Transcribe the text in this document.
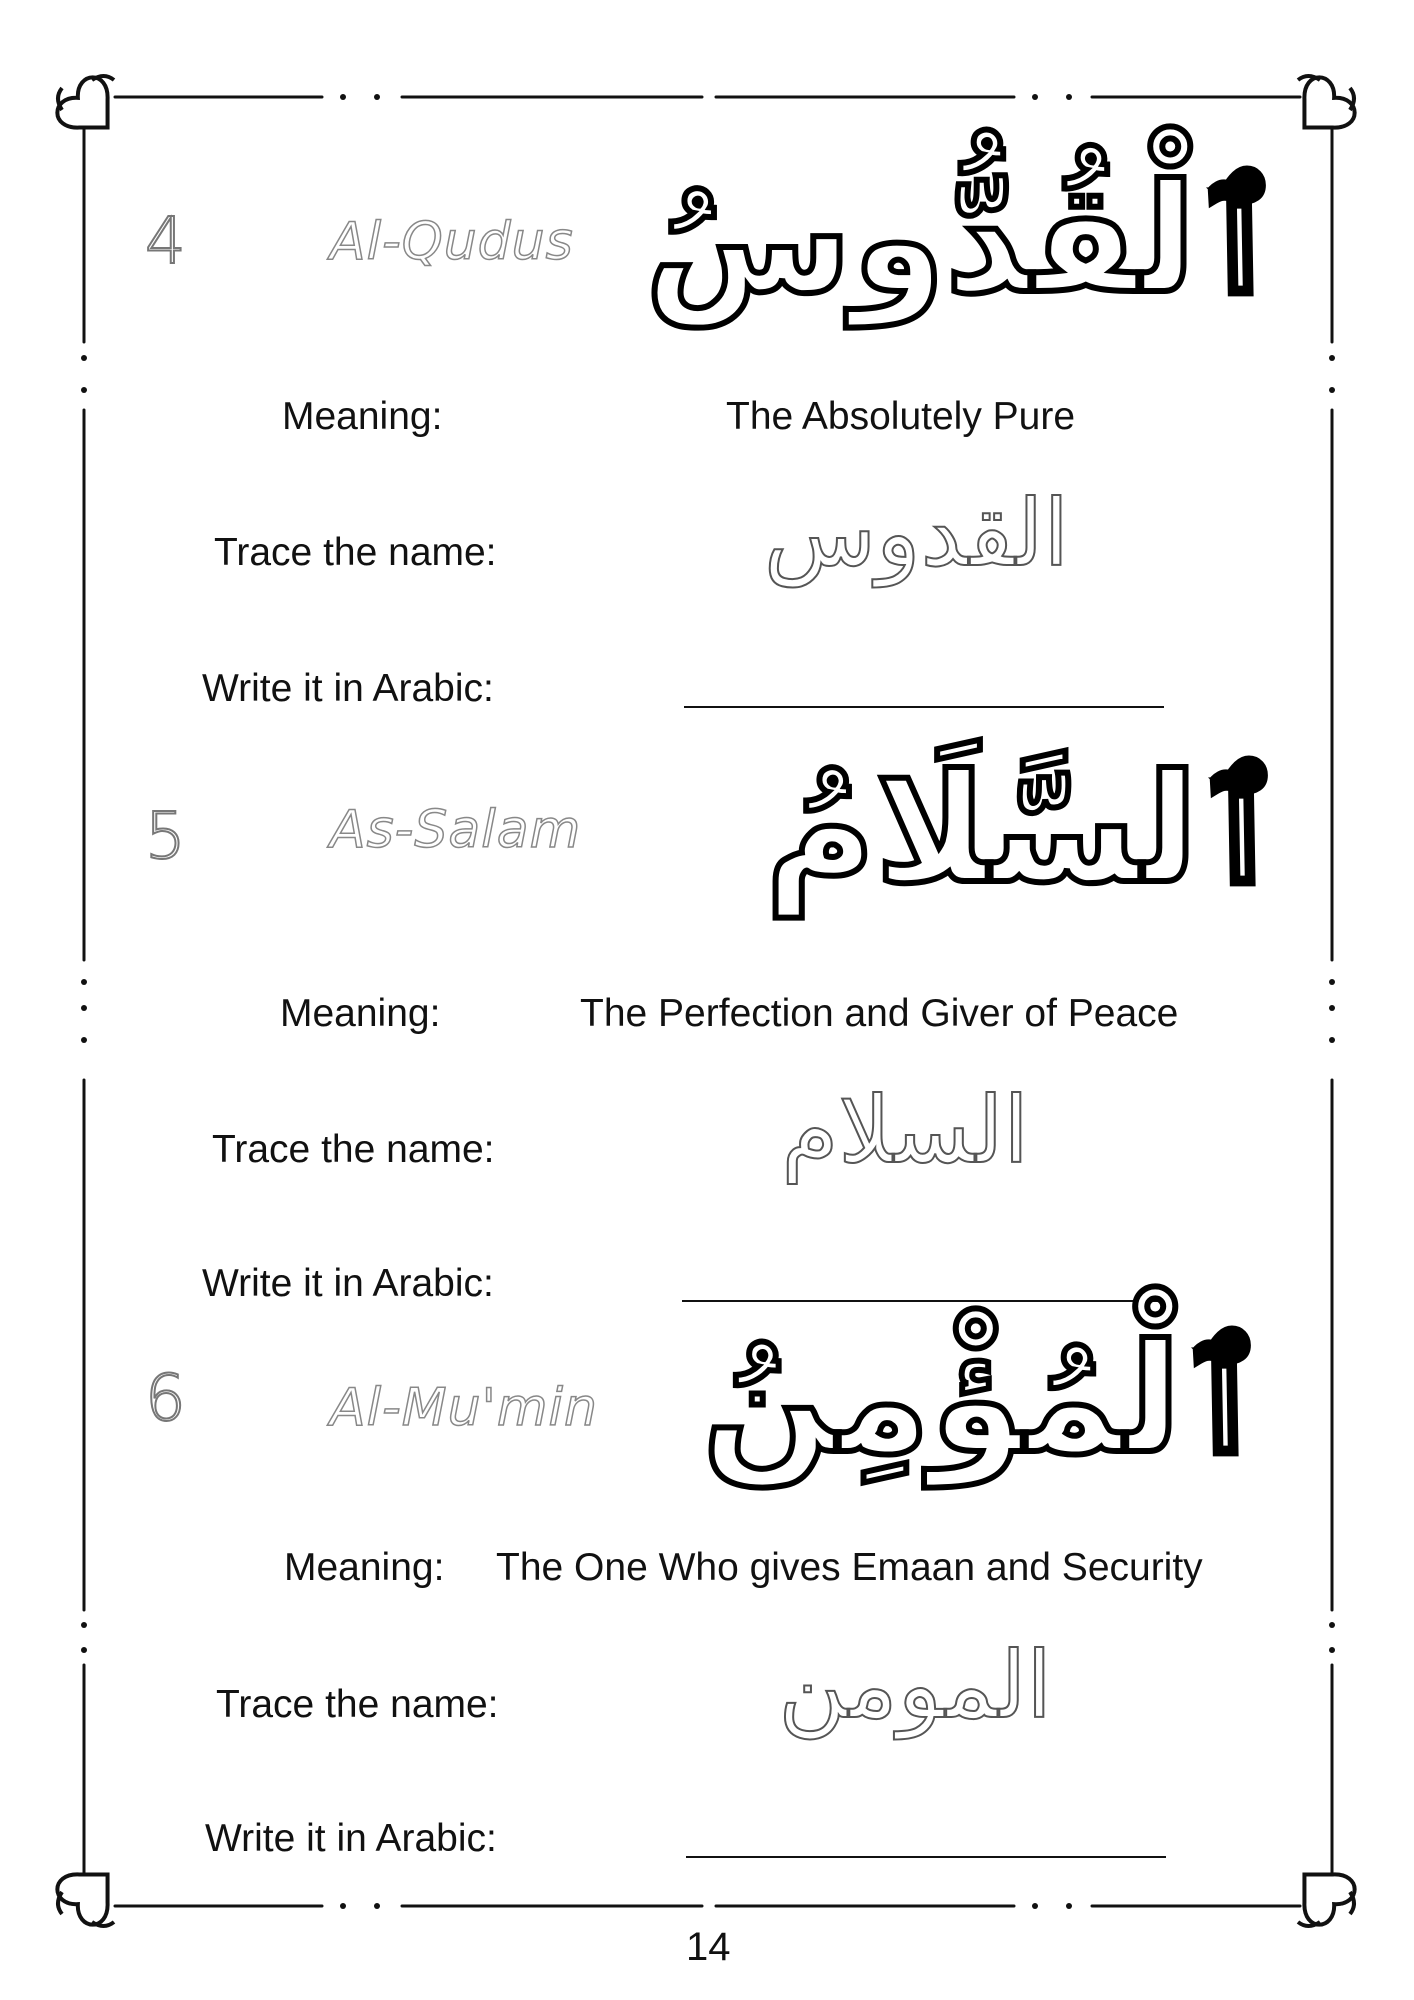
4	Al-Qudus ٱلْقُدُّوسُ
Meaning:	The Absolutely Pure
Trace the name:	القدوس
Write it in Arabic:
5	As-Salam ٱلسَّلَامُ
Meaning:	The Perfection and Giver of Peace
Trace the name:	السلام
Write it in Arabic:
6	Al-Mu'min ٱلْمُؤْمِنُ
Meaning: The One Who gives Emaan and Security
Trace the name:	المومن
Write it in Arabic:
14
